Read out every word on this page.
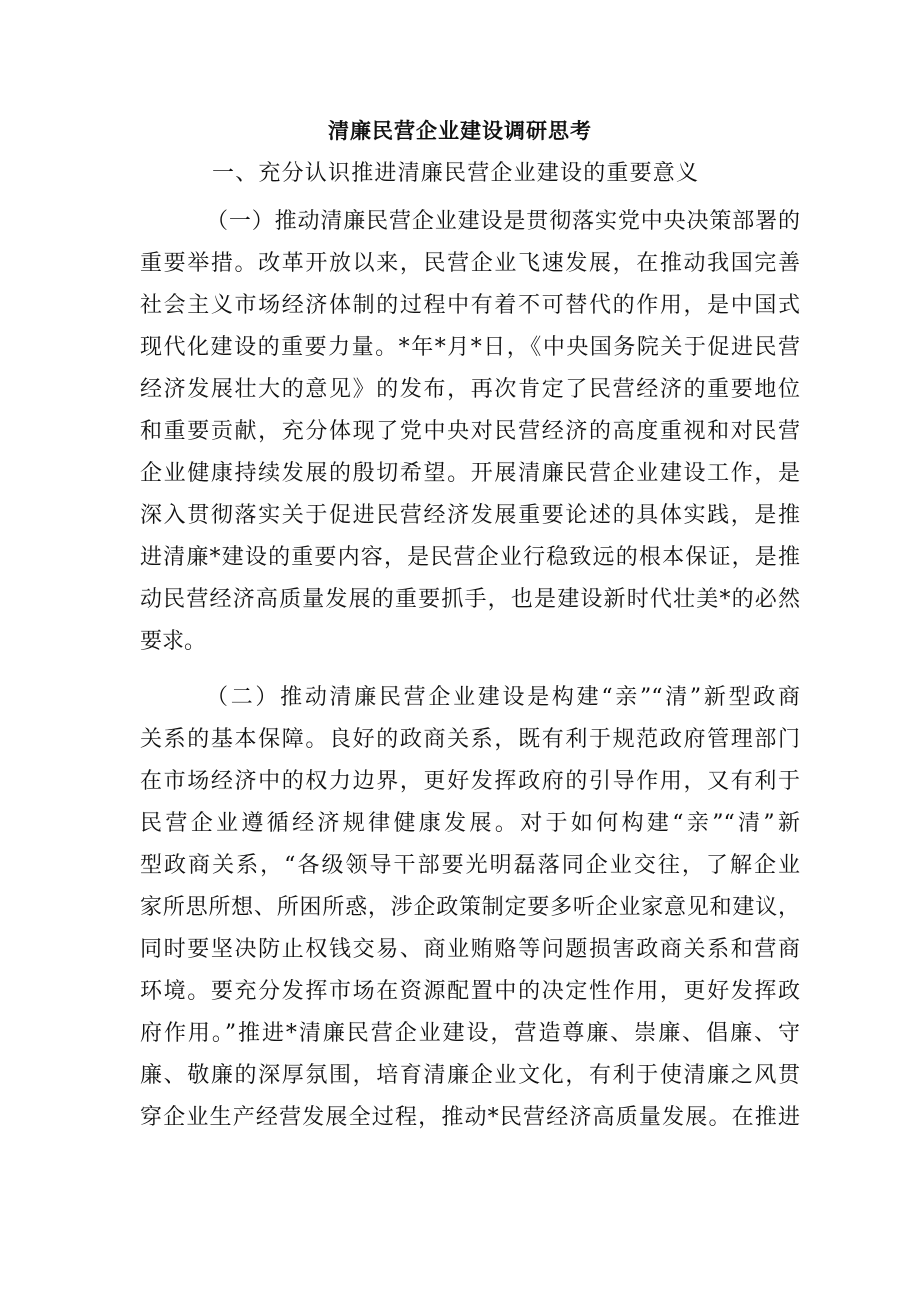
清廉民营企业建设调研思考
一、充分认识推进清廉民营企业建设的重要意义
（一）推动清廉民营企业建设是贯彻落实党中央决策部署的
重要举措。改革开放以来，民营企业飞速发展，在推动我国完善
社会主义市场经济体制的过程中有着不可替代的作用，是中国式
现代化建设的重要力量。*年*月*日，《中央国务院关于促进民营
经济发展壮大的意见》的发布，再次肯定了民营经济的重要地位
和重要贡献，充分体现了党中央对民营经济的高度重视和对民营
企业健康持续发展的殷切希望。开展清廉民营企业建设工作，是
深入贯彻落实关于促进民营经济发展重要论述的具体实践，是推
进清廉*建设的重要内容，是民营企业行稳致远的根本保证，是推
动民营经济高质量发展的重要抓手，也是建设新时代壮美*的必然
要求。
（二）推动清廉民营企业建设是构建“亲”“清”新型政商
关系的基本保障。良好的政商关系，既有利于规范政府管理部门
在市场经济中的权力边界，更好发挥政府的引导作用，又有利于
民营企业遵循经济规律健康发展。对于如何构建“亲”“清”新
型政商关系，“各级领导干部要光明磊落同企业交往，了解企业
家所思所想、所困所惑，涉企政策制定要多听企业家意见和建议，
同时要坚决防止权钱交易、商业贿赂等问题损害政商关系和营商
环境。要充分发挥市场在资源配置中的决定性作用，更好发挥政
府作用。”推进*清廉民营企业建设，营造尊廉、崇廉、倡廉、守
廉、敬廉的深厚氛围，培育清廉企业文化，有利于使清廉之风贯
穿企业生产经营发展全过程，推动*民营经济高质量发展。在推进
